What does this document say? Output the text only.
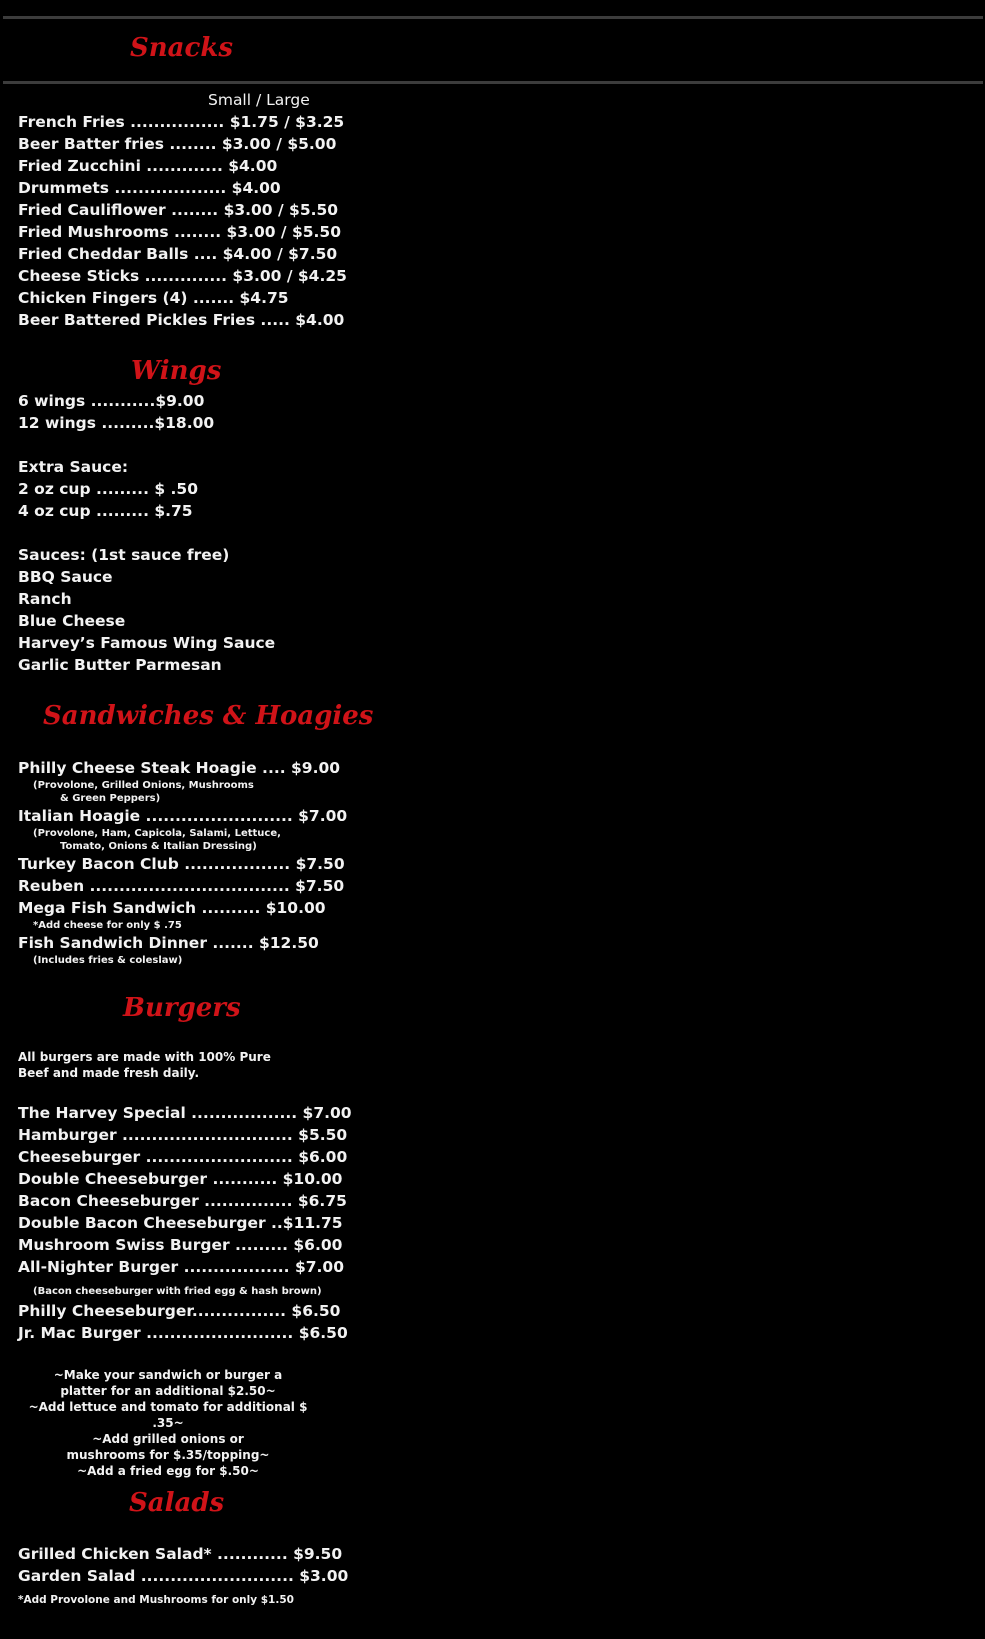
Snacks
Small / Large
French Fries ................ $1.75 / $3.25
Beer Batter fries ........ $3.00 / $5.00
Fried Zucchini ............. $4.00
Drummets ................... $4.00
Fried Cauliflower ........ $3.00 / $5.50
Fried Mushrooms ........ $3.00 / $5.50
Fried Cheddar Balls .... $4.00 / $7.50
Cheese Sticks .............. $3.00 / $4.25
Chicken Fingers (4) ....... $4.75
Beer Battered Pickles Fries ..... $4.00
Wings
6 wings ...........$9.00
12 wings .........$18.00
Extra Sauce:
2 oz cup ......... $ .50
4 oz cup ......... $.75
Sauces: (1st sauce free)
BBQ Sauce
Ranch
Blue Cheese
Harvey’s Famous Wing Sauce
Garlic Butter Parmesan
Sandwiches & Hoagies
Philly Cheese Steak Hoagie .... $9.00
(Provolone, Grilled Onions, Mushrooms
& Green Peppers)
Italian Hoagie ......................... $7.00
(Provolone, Ham, Capicola, Salami, Lettuce,
Tomato, Onions & Italian Dressing)
Turkey Bacon Club .................. $7.50
Reuben .................................. $7.50
Mega Fish Sandwich .......... $10.00
*Add cheese for only $ .75
Fish Sandwich Dinner ....... $12.50
(Includes fries & coleslaw)
Burgers
All burgers are made with 100% Pure Beef and made fresh daily.
The Harvey Special .................. $7.00
Hamburger ............................. $5.50
Cheeseburger ......................... $6.00
Double Cheeseburger ........... $10.00
Bacon Cheeseburger ............... $6.75
Double Bacon Cheeseburger ..$11.75
Mushroom Swiss Burger ......... $6.00
All-Nighter Burger .................. $7.00
(Bacon cheeseburger with fried egg & hash brown)
Philly Cheeseburger................ $6.50
Jr. Mac Burger ......................... $6.50
~Make your sandwich or burger a platter for an additional $2.50~
~Add lettuce and tomato for additional $ .35~
~Add grilled onions or mushrooms for $.35/topping~
~Add a fried egg for $.50~
Salads
Grilled Chicken Salad* ............ $9.50
Garden Salad .......................... $3.00
*Add Provolone and Mushrooms for only $1.50
